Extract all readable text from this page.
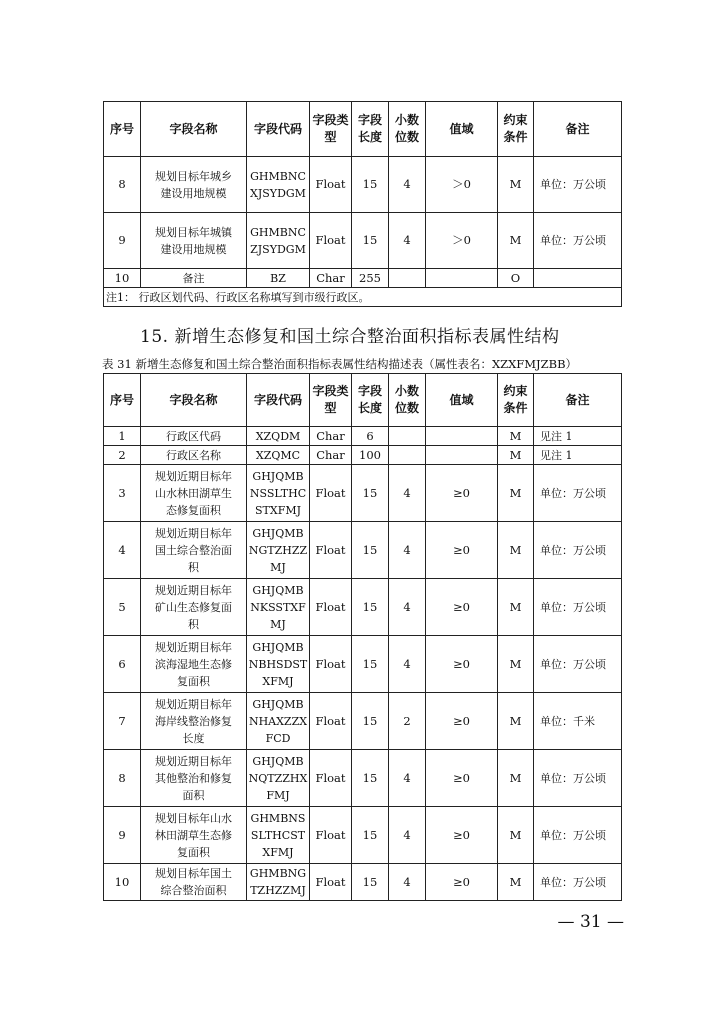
序号	字段名称	字段代码	字段类型	字段长度	小数位数	值域	约束条件	备注
8	规划目标年城乡建设用地规模	GHMBNCXJSYDGM	Float	15	4	＞0	M	单位：万公顷
9	规划目标年城镇建设用地规模	GHMBNCZJSYDGM	Float	15	4	＞0	M	单位：万公顷
10	备注	BZ	Char	255			O	
注1： 行政区划代码、行政区名称填写到市级行政区。								
15. 新增生态修复和国土综合整治面积指标表属性结构
表 31 新增生态修复和国土综合整治面积指标表属性结构描述表（属性表名：XZXFMJZBB）
序号	字段名称	字段代码	字段类型	字段长度	小数位数	值域	约束条件	备注
1	行政区代码	XZQDM	Char	6			M	见注 1
2	行政区名称	XZQMC	Char	100			M	见注 1
3	规划近期目标年山水林田湖草生态修复面积	GHJQMBNSSLTHCSTXFMJ	Float	15	4	≥0	M	单位：万公顷
4	规划近期目标年国土综合整治面积	GHJQMBNGTZHZZMJ	Float	15	4	≥0	M	单位：万公顷
5	规划近期目标年矿山生态修复面积	GHJQMBNKSSTXFMJ	Float	15	4	≥0	M	单位：万公顷
6	规划近期目标年滨海湿地生态修复面积	GHJQMBNBHSDSTXFMJ	Float	15	4	≥0	M	单位：万公顷
7	规划近期目标年海岸线整治修复长度	GHJQMBNHAXZZXFCD	Float	15	2	≥0	M	单位：千米
8	规划近期目标年其他整治和修复面积	GHJQMBNQTZZHXFMJ	Float	15	4	≥0	M	单位：万公顷
9	规划目标年山水林田湖草生态修复面积	GHMBNSSLTHCSTXFMJ	Float	15	4	≥0	M	单位：万公顷
10	规划目标年国土综合整治面积	GHMBNGTZHZZMJ	Float	15	4	≥0	M	单位：万公顷
— 31 —
